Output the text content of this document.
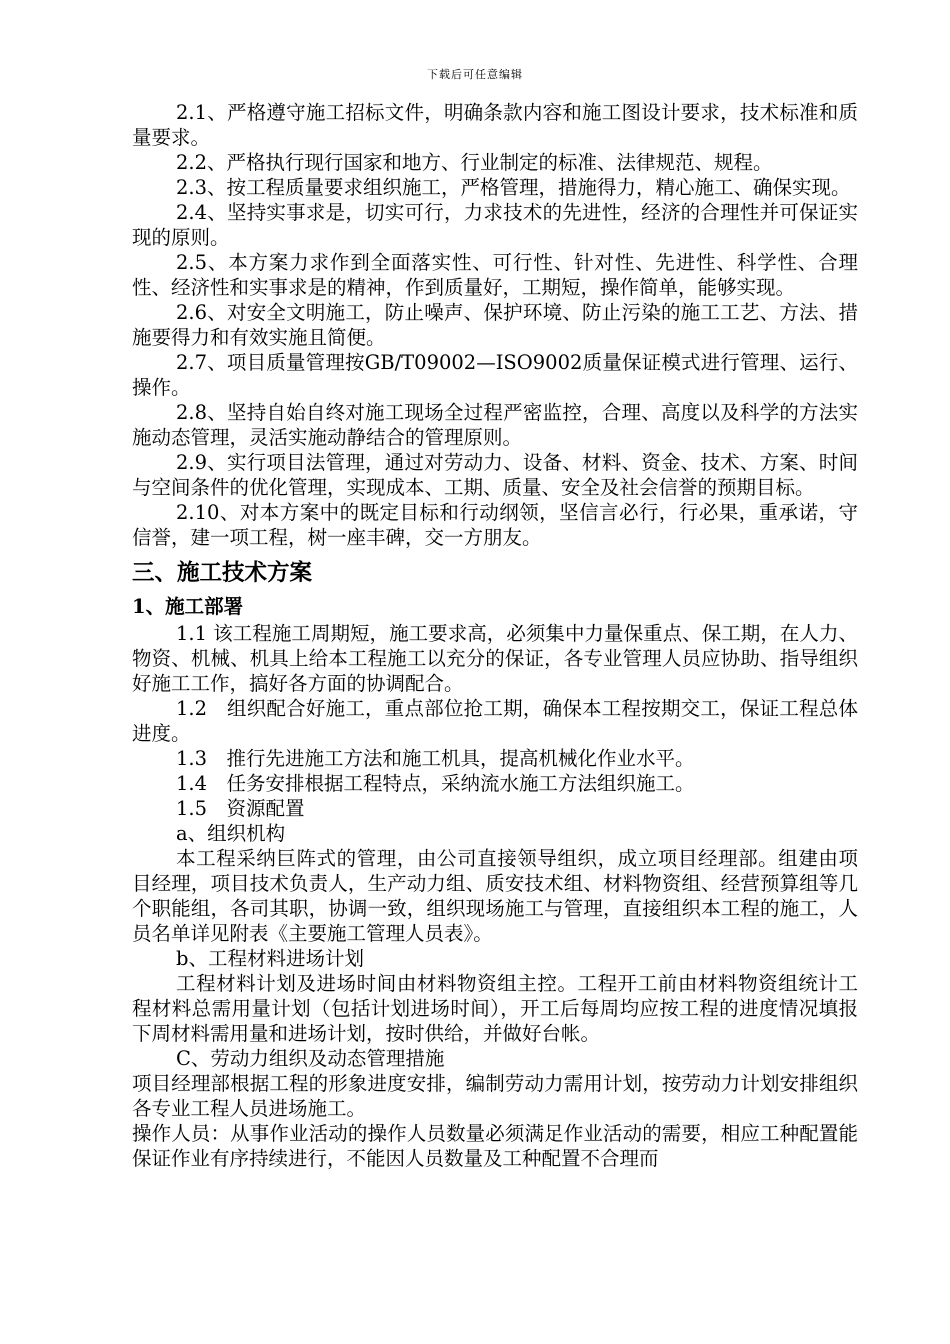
下载后可任意编辑

2.1、严格遵守施工招标文件，明确条款内容和施工图设计要求，技术标准和质量要求。

2.2、严格执行现行国家和地方、行业制定的标准、法律规范、规程。

2.3、按工程质量要求组织施工，严格管理，措施得力，精心施工、确保实现。

2.4、坚持实事求是，切实可行，力求技术的先进性，经济的合理性并可保证实现的原则。

2.5、本方案力求作到全面落实性、可行性、针对性、先进性、科学性、合理性、经济性和实事求是的精神，作到质量好，工期短，操作简单，能够实现。

2.6、对安全文明施工，防止噪声、保护环境、防止污染的施工工艺、方法、措施要得力和有效实施且简便。

2.7、项目质量管理按GB/T09002—ISO9002质量保证模式进行管理、运行、操作。

2.8、坚持自始自终对施工现场全过程严密监控，合理、高度以及科学的方法实施动态管理，灵活实施动静结合的管理原则。

2.9、实行项目法管理，通过对劳动力、设备、材料、资金、技术、方案、时间与空间条件的优化管理，实现成本、工期、质量、安全及社会信誉的预期目标。

2.10、对本方案中的既定目标和行动纲领，坚信言必行，行必果，重承诺，守信誉，建一项工程，树一座丰碑，交一方朋友。

三、施工技术方案
1、施工部署

1.1 该工程施工周期短，施工要求高，必须集中力量保重点、保工期，在人力、物资、机械、机具上给本工程施工以充分的保证，各专业管理人员应协助、指导组织好施工工作，搞好各方面的协调配合。

1.2　组织配合好施工，重点部位抢工期，确保本工程按期交工，保证工程总体进度。

1.3　推行先进施工方法和施工机具，提高机械化作业水平。

1.4　任务安排根据工程特点，采纳流水施工方法组织施工。

1.5　资源配置

a、组织机构

本工程采纳巨阵式的管理，由公司直接领导组织，成立项目经理部。组建由项目经理，项目技术负责人，生产动力组、质安技术组、材料物资组、经营预算组等几个职能组，各司其职，协调一致，组织现场施工与管理，直接组织本工程的施工，人员名单详见附表《主要施工管理人员表》。

b、工程材料进场计划

工程材料计划及进场时间由材料物资组主控。工程开工前由材料物资组统计工程材料总需用量计划（包括计划进场时间），开工后每周均应按工程的进度情况填报下周材料需用量和进场计划，按时供给，并做好台帐。

C、劳动力组织及动态管理措施

项目经理部根据工程的形象进度安排，编制劳动力需用计划，按劳动力计划安排组织各专业工程人员进场施工。

操作人员：从事作业活动的操作人员数量必须满足作业活动的需要，相应工种配置能保证作业有序持续进行，不能因人员数量及工种配置不合理而
